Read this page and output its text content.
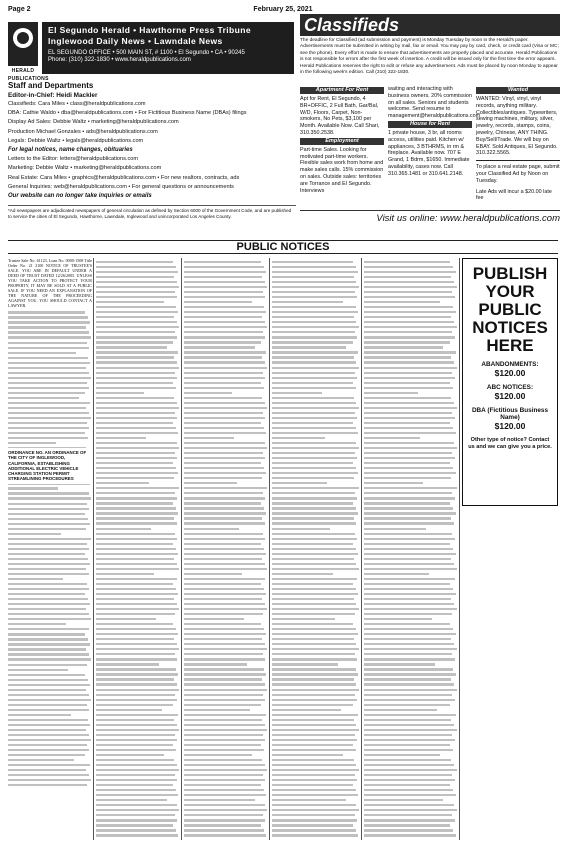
Page 2	February 25, 2021
HERALD
PUBLICATIONS
El Segundo Herald • Hawthorne Press Tribune
Inglewood Daily News • Lawndale News
EL SEGUNDO OFFICE • 500 MAIN ST, # 1100 • El Segundo • CA • 90245
Phone: (310) 322-1830 • www.heraldpublications.com
Staff and Departments
Editor-in-Chief: Heidi Mackler
Classifieds: Cara Miles • class@heraldpublications.com
DBA: Cathie Waldo • dba@heraldpublications.com • For Fictitious Business Name (DBAs) filings
Display Ad Sales: Debbie Waltz • marketing@heraldpublications.com
Production Michael Gonzales • ads@heraldpublications.com
Legals: Debbie Waltz • legals@heraldpublications.com
For legal notices, name changes, obituaries
Letters to the Editor: letters@heraldpublications.com
Marketing: Debbie Waltz • marketing@heraldpublications.com
Real Estate: Cara Miles • graphics@heraldpublications.com • For new realtors, contracts, ads
General Inquiries: web@heraldpublications.com • For general questions or announcements
Our website can no longer take inquiries or emails
*Ad newspapers are adjudicated newspapers of general circulation as defined by Section 6000 of the Government Code, and are published to service the cities of El Segundo, Hawthorne, Lawndale, Inglewood and unincorporated Los Angeles County.
Classifieds
The deadline for Classified (ad submission and payment) is Monday Tuesday by noon in the Herald's paper. Advertisements must be submitted in writing by mail, fax or email. You may pay by card, check, or credit card (Visa or MC; see the phone). Every effort is made to ensure that advertisements are properly placed and accurate. Herald Publications is not responsible for errors after the first week of insertion. A credit will be issued only for the first time the error appears. Herald Publications reserves the right to edit or refuse any advertisement. Ads must be placed by noon Monday to appear in the following week's edition. Call (310) 322-1830.
Apartment For Rent
Apt for Rent, El Segundo, 4 BR+OFFIC, 2 Full Bath, Gar/Bal, W/D, Floors, Carpet, Non-smokers, No Pets, $3,100 per Month. Available Now. Call Shari, 310.350.2538.
Employment
Part-time Sales. Looking for motivated part-time workers. Flexible sales work from home and make sales calls. 15% commission on sales. Outside sales: territories are Torrance and El Segundo. Interviews
waiting and interacting with business owners. 20% commission on all sales. Seniors and students welcome. Send resume to management@heraldpublications.com
House for Rent
1 private house, 3 br, all rooms access, utilities paid. Kitchen w/ appliances, 3 BTHRMS, in rm & fireplace. Available now. 707 E Grand, 1 Bdrm, $1650. Immediate availability, cases now. Call 310.365.1481 or 310.641.2148.
Wanted
WANTED: Vinyl, vinyl, vinyl records, anything military. Collectibles/antiques. Typewriters, sewing machines, military, silver, jewelry, records, stamps, coins, jewelry, Chinese, ANY THING. Buy/Sell/Trade. We will buy on EBAY. Sold Antiques, El Segundo. 310.322.5565.
To place a real estate page, submit your Classified Ad by Noon on Tuesday.
Late Ads will incur a $20.00 late fee
Visit us online: www.heraldpublications.com
PUBLIC NOTICES
Trustee Sale No. 61123, Loan No. 0000-1508 Title Order No. 21 2100 NOTICE OF TRUSTEE'S SALE. YOU ARE IN DEFAULT UNDER A DEED OF TRUST DATED 12/26/2005. UNLESS YOU TAKE ACTION TO PROTECT YOUR PROPERTY, IT MAY BE SOLD AT A PUBLIC SALE. IF YOU NEED AN EXPLANATION OF THE NATURE OF THE PROCEEDING AGAINST YOU, YOU SHOULD CONTACT A LAWYER.
PUBLISH YOUR PUBLIC NOTICES HERE
ABANDONMENTS:
$120.00
ABC NOTICES:
$120.00
DBA (Fictitious Business Name)
$120.00
Other type of notice? Contact us and we can give you a price.
ORDINANCE NO. AN ORDINANCE OF THE CITY OF INGLEWOOD, CALIFORNIA, ESTABLISHING ADDITIONAL ELECTRIC VEHICLE CHARGING STATION PERMIT STREAMLINING PROCEDURES
